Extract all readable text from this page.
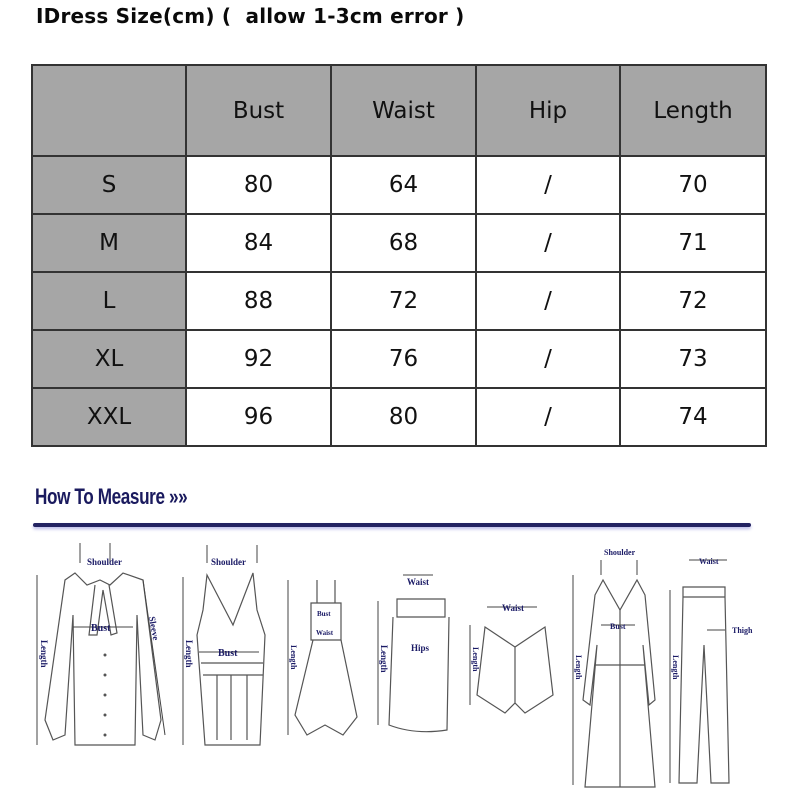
IDress Size(cm) (  allow 1-3cm error )
	Bust	Waist	Hip	Length
S	80	64	/	70
M	84	68	/	71
L	88	72	/	72
XL	92	76	/	73
XXL	96	80	/	74
How To Measure »»
Shoulder
Length
Bust	Sleeve
Shoulder
Length Bust	Length
Bust
Waist
Waist
Length Hips
Waist
Length
Shoulder
Length
Bust
Waist
Length
Thigh
